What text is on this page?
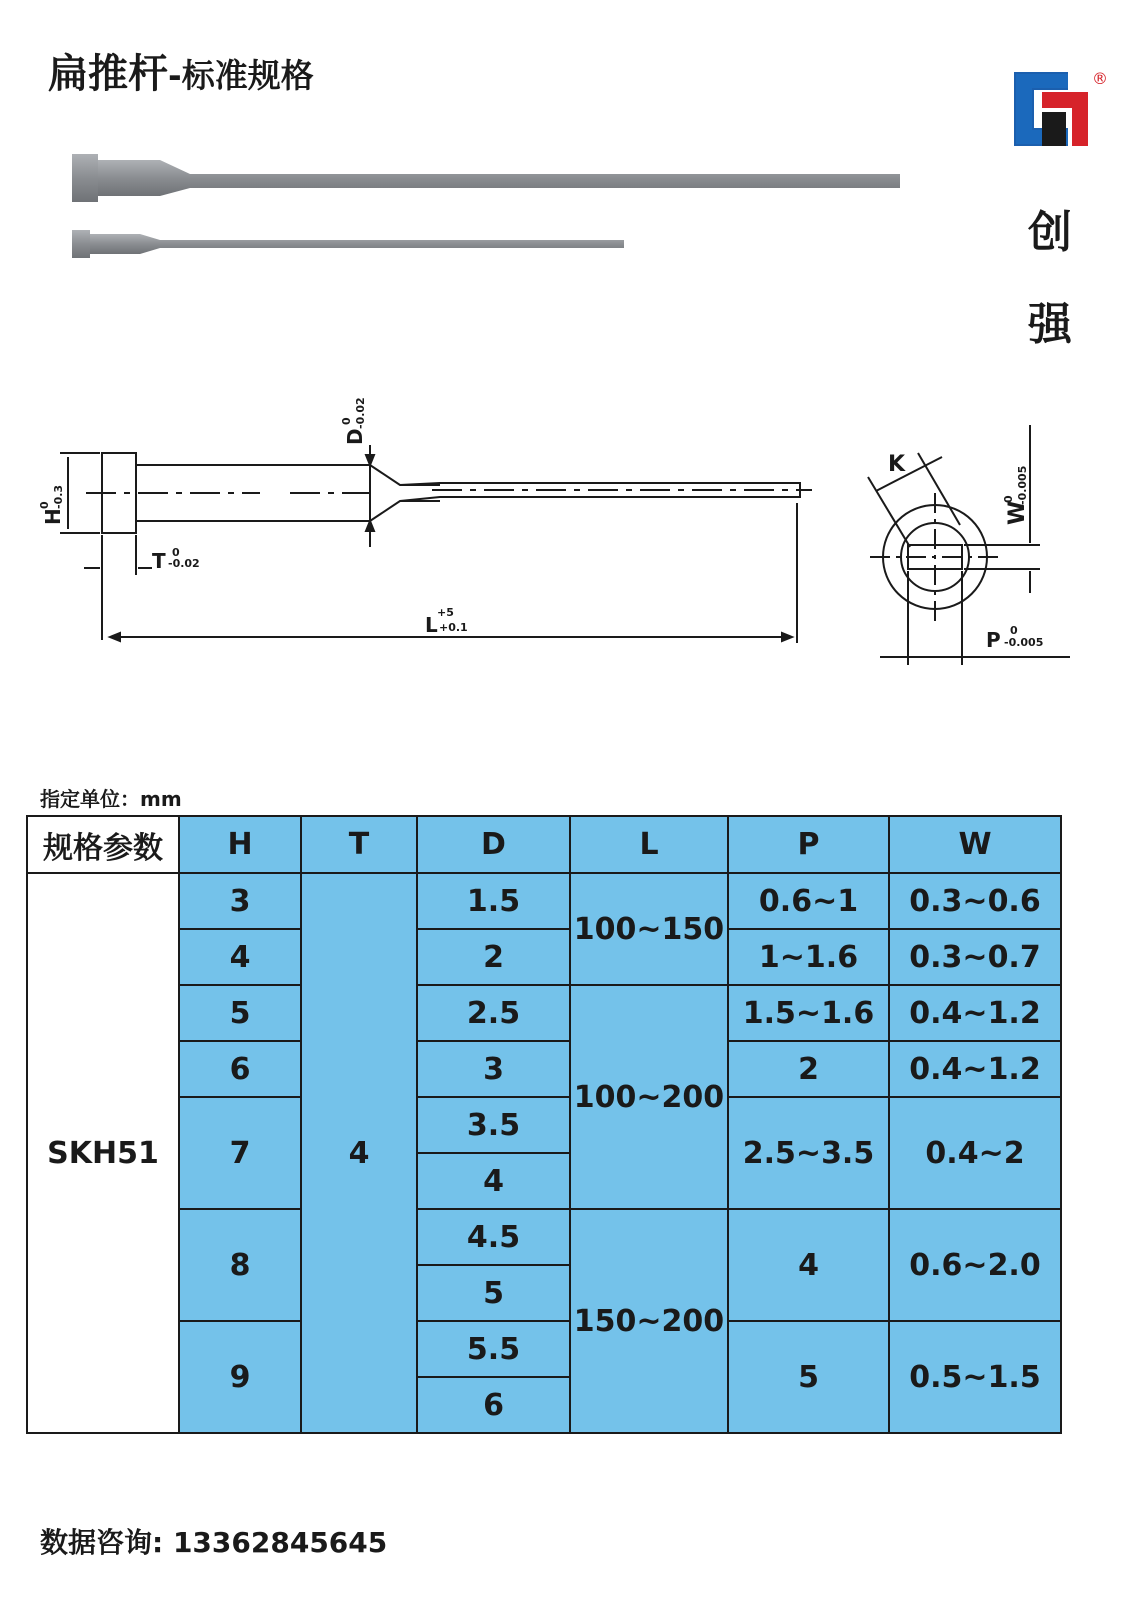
扁推杆-标准规格	®
创
强
H
0 -0.3
T 0
-0.02
D
0 -0.02
L
+5
+0.1
K
W
0 -0.005
P 0
-0.005
指定单位：mm
规格参数	H	T	D	L	P	W
SKH51	3	4	1.5	100~150	0.6~1	0.3~0.6
	4		2		1~1.6	0.3~0.7
	5		2.5	100~200	1.5~1.6	0.4~1.2
	6		3		2	0.4~1.2
	7		3.5		2.5~3.5	0.4~2
			4			
	8		4.5	150~200	4	0.6~2.0
			5			
	9		5.5		5	0.5~1.5
			6			
数据咨询: 13362845645
